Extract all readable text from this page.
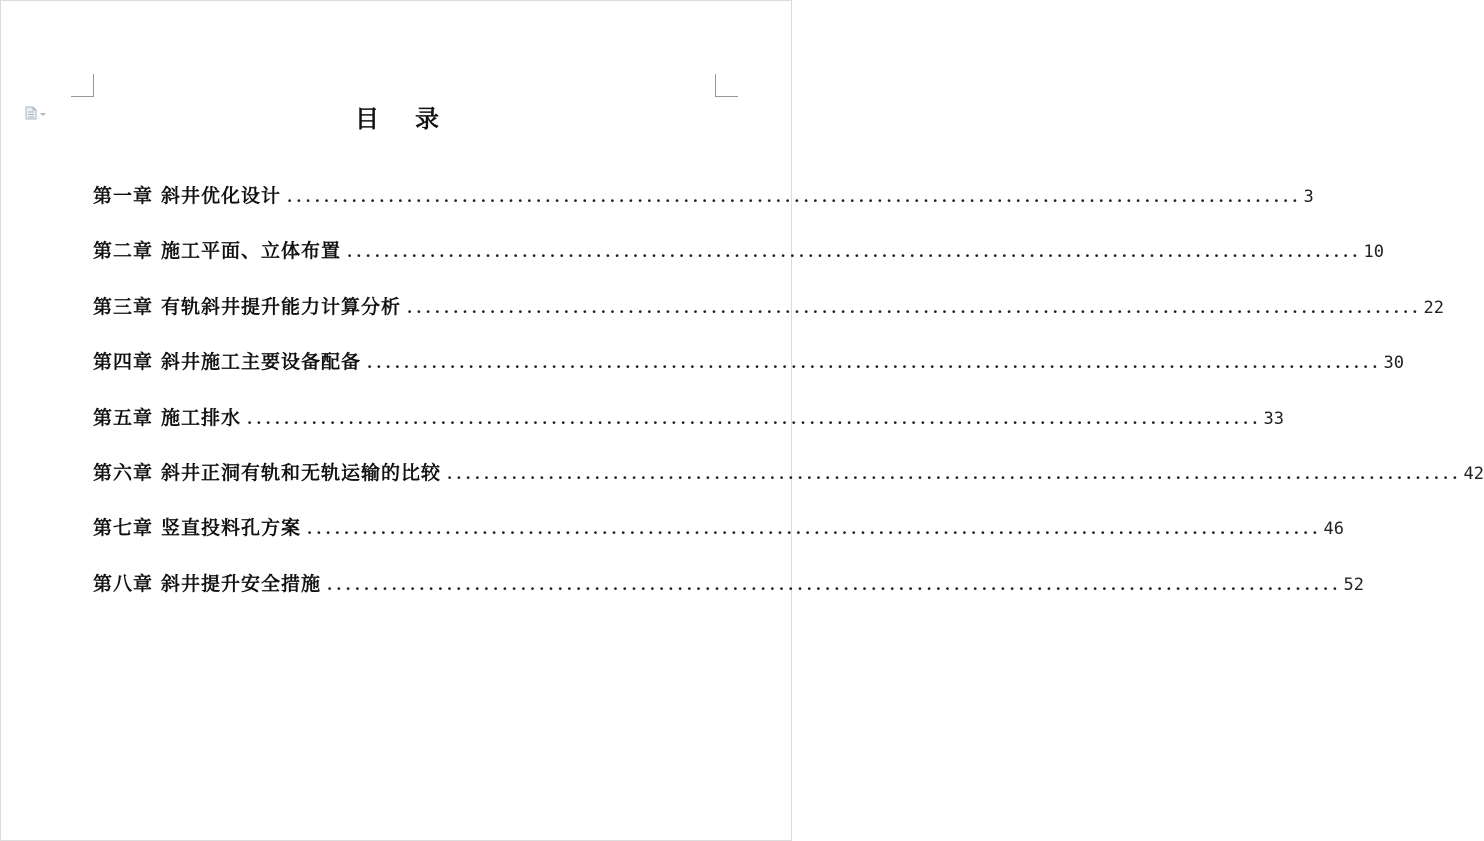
目 录
第一章 斜井优化设计 .............................................................................................................. 3
第二章 施工平面、立体布置 .............................................................................................................. 10
第三章 有轨斜井提升能力计算分析 .............................................................................................................. 22
第四章 斜井施工主要设备配备 .............................................................................................................. 30
第五章 施工排水 .............................................................................................................. 33
第六章 斜井正洞有轨和无轨运输的比较 .............................................................................................................. 42
第七章 竖直投料孔方案 .............................................................................................................. 46
第八章 斜井提升安全措施 .............................................................................................................. 52
